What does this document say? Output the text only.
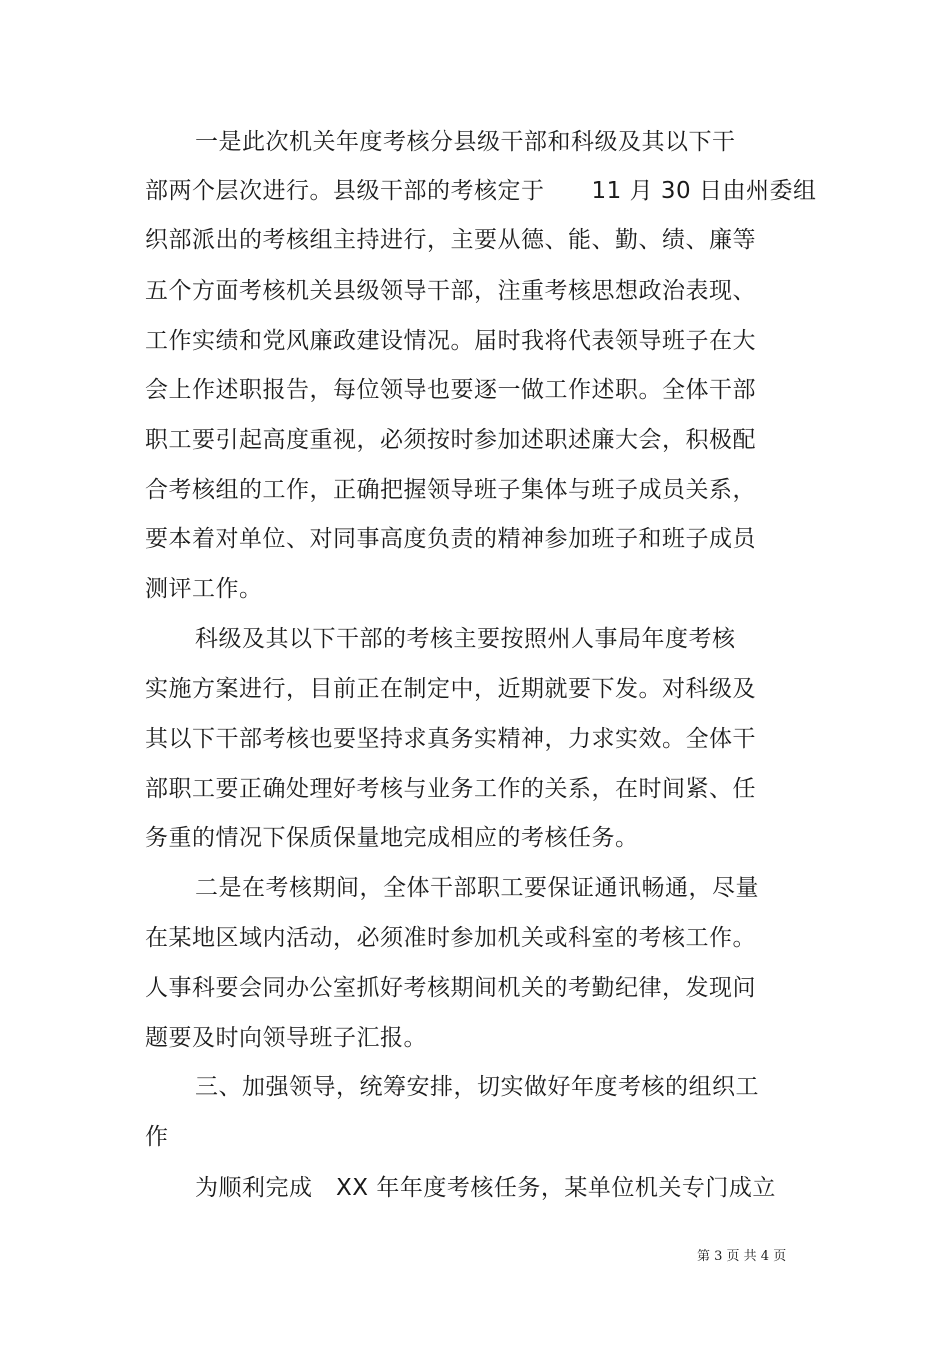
一是此次机关年度考核分县级干部和科级及其以下干
部两个层次进行。县级干部的考核定于　　11 月 30 日由州委组
织部派出的考核组主持进行，主要从德、能、勤、绩、廉等
五个方面考核机关县级领导干部，注重考核思想政治表现、
工作实绩和党风廉政建设情况。届时我将代表领导班子在大
会上作述职报告，每位领导也要逐一做工作述职。全体干部
职工要引起高度重视，必须按时参加述职述廉大会，积极配
合考核组的工作，正确把握领导班子集体与班子成员关系，
要本着对单位、对同事高度负责的精神参加班子和班子成员
测评工作。
科级及其以下干部的考核主要按照州人事局年度考核
实施方案进行，目前正在制定中，近期就要下发。对科级及
其以下干部考核也要坚持求真务实精神，力求实效。全体干
部职工要正确处理好考核与业务工作的关系，在时间紧、任
务重的情况下保质保量地完成相应的考核任务。
二是在考核期间，全体干部职工要保证通讯畅通，尽量
在某地区域内活动，必须准时参加机关或科室的考核工作。
人事科要会同办公室抓好考核期间机关的考勤纪律，发现问
题要及时向领导班子汇报。
三、加强领导，统筹安排，切实做好年度考核的组织工
作
为顺利完成　XX 年年度考核任务，某单位机关专门成立
第 3 页 共 4 页
